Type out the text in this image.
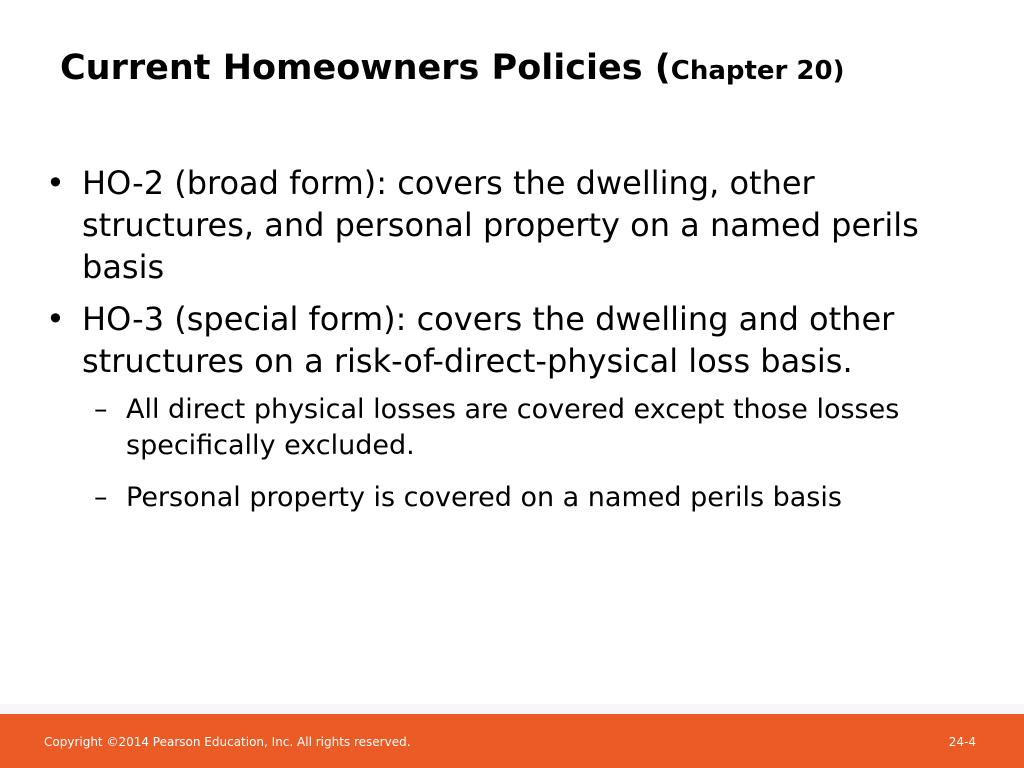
Current Homeowners Policies (Chapter 20)
• HO-2 (broad form): covers the dwelling, other structures, and personal property on a named perils basis
• HO-3 (special form): covers the dwelling and other structures on a risk-of-direct-physical loss basis.
– All direct physical losses are covered except those losses specifically excluded.
– Personal property is covered on a named perils basis
Copyright ©2014 Pearson Education, Inc. All rights reserved.	24-4
